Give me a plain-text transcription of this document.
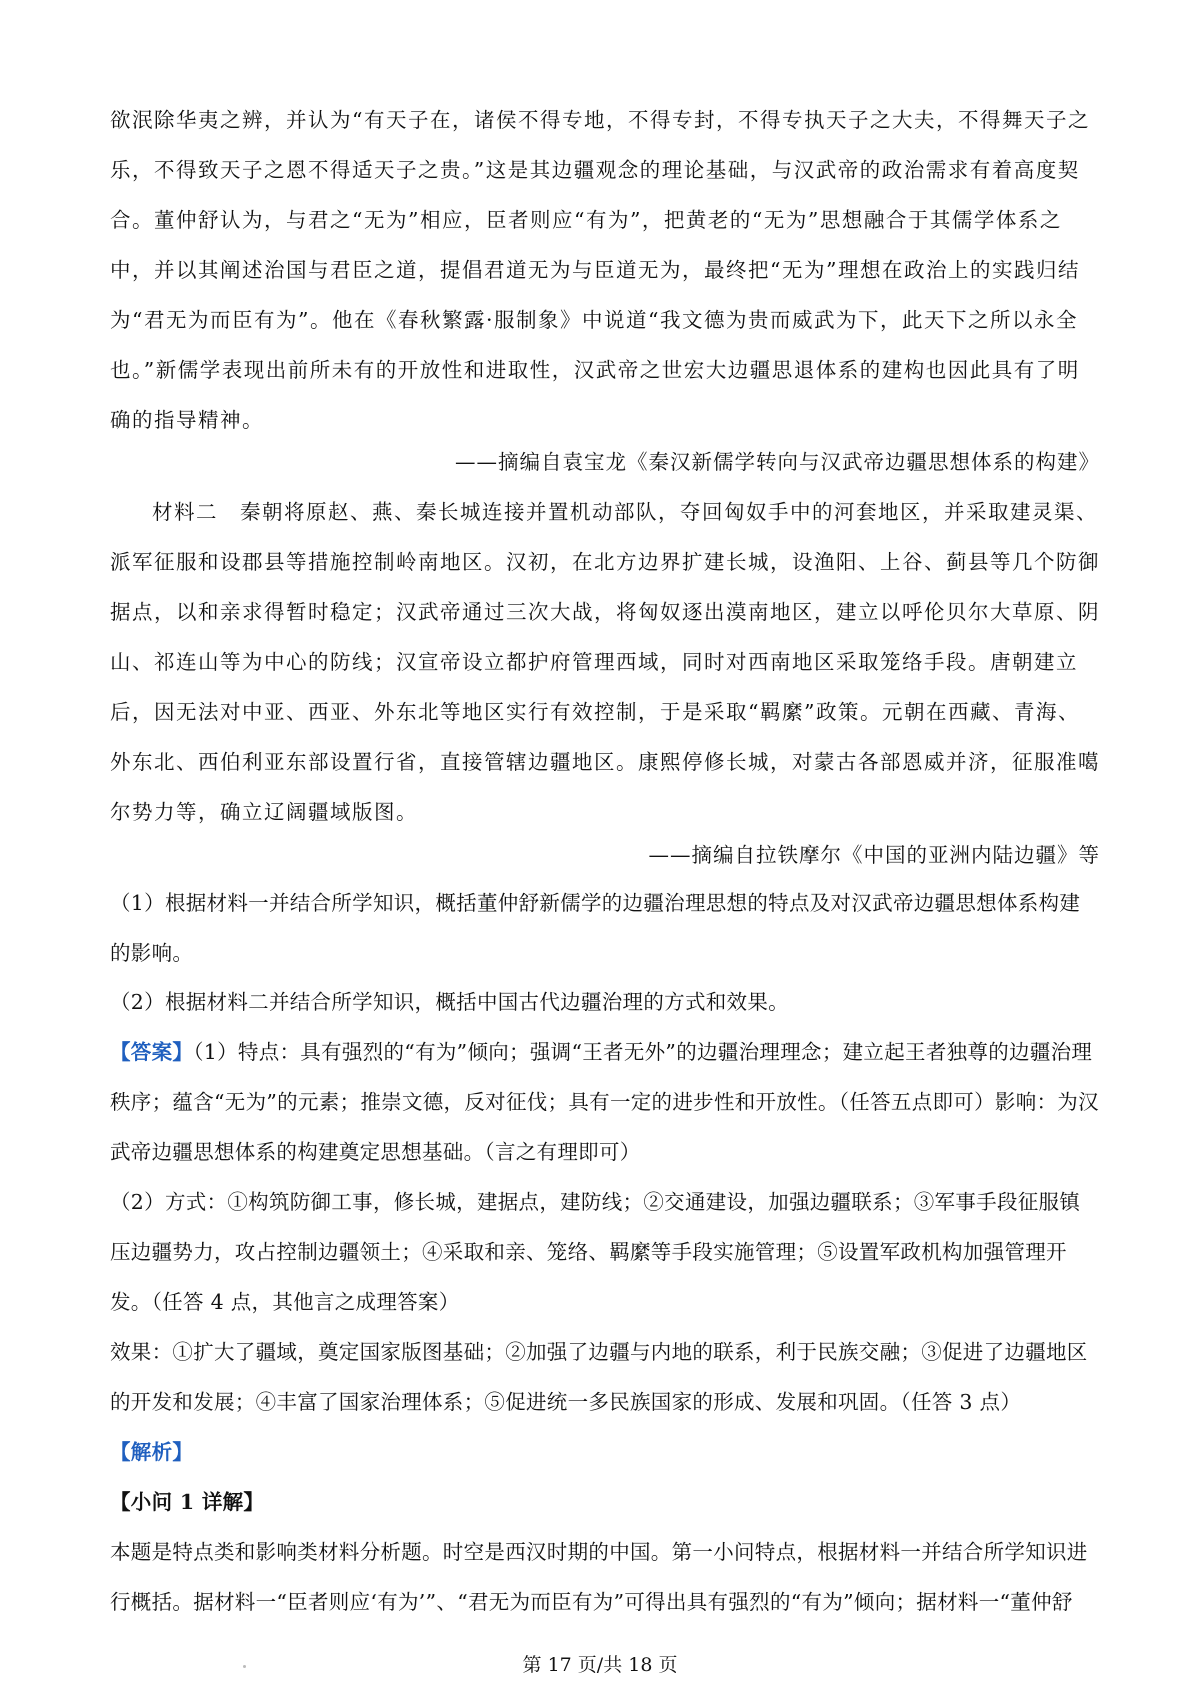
欲泯除华夷之辨，并认为“有天子在，诸侯不得专地，不得专封，不得专执天子之大夫，不得舞天子之乐，不得致天子之恩不得适天子之贵。”这是其边疆观念的理论基础，与汉武帝的政治需求有着高度契合。董仲舒认为，与君之“无为”相应，臣者则应“有为”，把黄老的“无为”思想融合于其儒学体系之中，并以其阐述治国与君臣之道，提倡君道无为与臣道无为，最终把“无为”理想在政治上的实践归结为“君无为而臣有为”。他在《春秋繁露·服制象》中说道“我文德为贵而威武为下，此天下之所以永全也。”新儒学表现出前所未有的开放性和进取性，汉武帝之世宏大边疆思退体系的建构也因此具有了明确的指导精神。
——摘编自袁宝龙《秦汉新儒学转向与汉武帝边疆思想体系的构建》
材料二　秦朝将原赵、燕、秦长城连接并置机动部队，夺回匈奴手中的河套地区，并采取建灵渠、派军征服和设郡县等措施控制岭南地区。汉初，在北方边界扩建长城，设渔阳、上谷、蓟县等几个防御据点，以和亲求得暂时稳定；汉武帝通过三次大战，将匈奴逐出漠南地区，建立以呼伦贝尔大草原、阴山、祁连山等为中心的防线；汉宣帝设立都护府管理西域，同时对西南地区采取笼络手段。唐朝建立后，因无法对中亚、西亚、外东北等地区实行有效控制，于是采取“羁縻”政策。元朝在西藏、青海、外东北、西伯利亚东部设置行省，直接管辖边疆地区。康熙停修长城，对蒙古各部恩威并济，征服准噶尔势力等，确立辽阔疆域版图。
——摘编自拉铁摩尔《中国的亚洲内陆边疆》等
（1）根据材料一并结合所学知识，概括董仲舒新儒学的边疆治理思想的特点及对汉武帝边疆思想体系构建的影响。
（2）根据材料二并结合所学知识，概括中国古代边疆治理的方式和效果。
【答案】（1）特点：具有强烈的“有为”倾向；强调“王者无外”的边疆治理理念；建立起王者独尊的边疆治理秩序；蕴含“无为”的元素；推崇文德，反对征伐；具有一定的进步性和开放性。（任答五点即可）影响：为汉武帝边疆思想体系的构建奠定思想基础。（言之有理即可）
（2）方式：①构筑防御工事，修长城，建据点，建防线；②交通建设，加强边疆联系；③军事手段征服镇压边疆势力，攻占控制边疆领土；④采取和亲、笼络、羁縻等手段实施管理；⑤设置军政机构加强管理开发。（任答 4 点，其他言之成理答案）
效果：①扩大了疆域，奠定国家版图基础；②加强了边疆与内地的联系，利于民族交融；③促进了边疆地区的开发和发展；④丰富了国家治理体系；⑤促进统一多民族国家的形成、发展和巩固。（任答 3 点）
【解析】
【小问 1 详解】
本题是特点类和影响类材料分析题。时空是西汉时期的中国。第一小问特点，根据材料一并结合所学知识进行概括。据材料一“臣者则应‘有为’”、“君无为而臣有为”可得出具有强烈的“有为”倾向；据材料一“董仲舒
第 17 页/共 18 页
